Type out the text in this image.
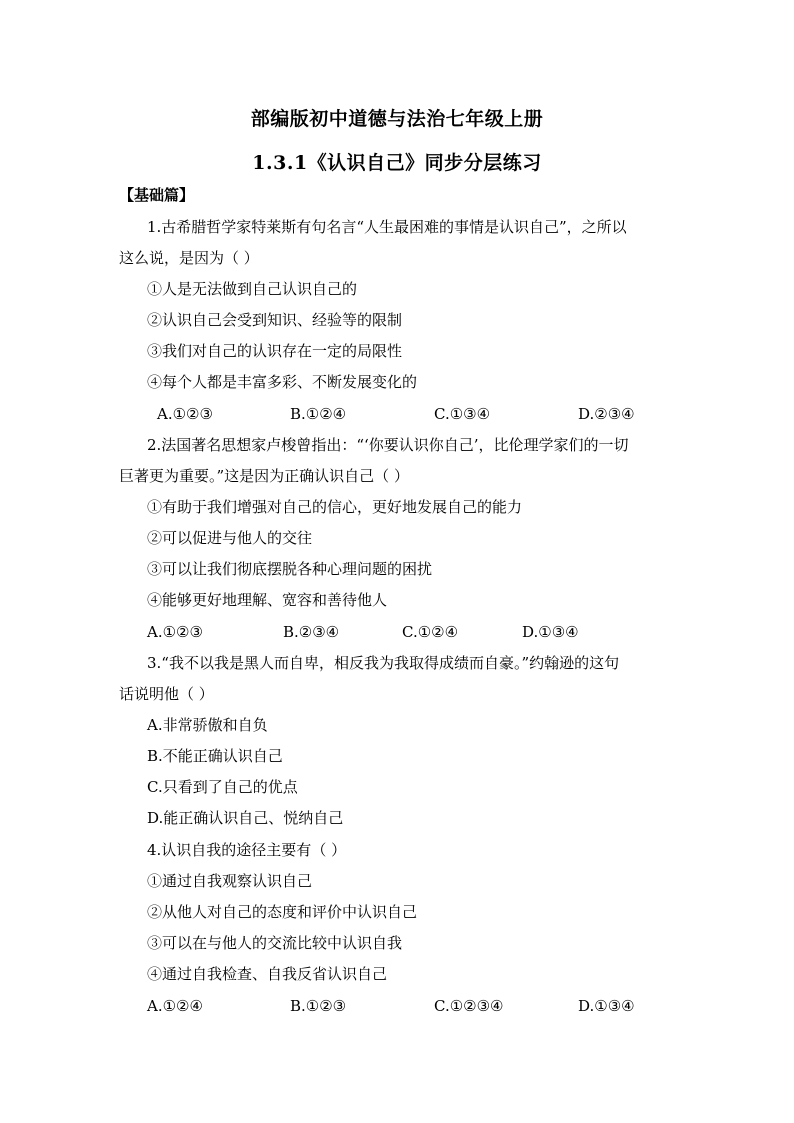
部编版初中道德与法治七年级上册
1.3.1《认识自己》同步分层练习
【基础篇】
1.古希腊哲学家特莱斯有句名言“人生最困难的事情是认识自己”，之所以
这么说，是因为（ ）
①人是无法做到自己认识自己的
②认识自己会受到知识、经验等的限制
③我们对自己的认识存在一定的局限性
④每个人都是丰富多彩、不断发展变化的
A.①②③	B.①②④	C.①③④	D.②③④
2.法国著名思想家卢梭曾指出：“‘你要认识你自己’，比伦理学家们的一切
巨著更为重要。”这是因为正确认识自己（ ）
①有助于我们增强对自己的信心，更好地发展自己的能力
②可以促进与他人的交往
③可以让我们彻底摆脱各种心理问题的困扰
④能够更好地理解、宽容和善待他人
A.①②③	B.②③④	C.①②④	D.①③④
3.“我不以我是黑人而自卑，相反我为我取得成绩而自豪。”约翰逊的这句
话说明他（ ）
A.非常骄傲和自负
B.不能正确认识自己
C.只看到了自己的优点
D.能正确认识自己、悦纳自己
4.认识自我的途径主要有（ ）
①通过自我观察认识自己
②从他人对自己的态度和评价中认识自己
③可以在与他人的交流比较中认识自我
④通过自我检查、自我反省认识自己
A.①②④	B.①②③	C.①②③④	D.①③④
